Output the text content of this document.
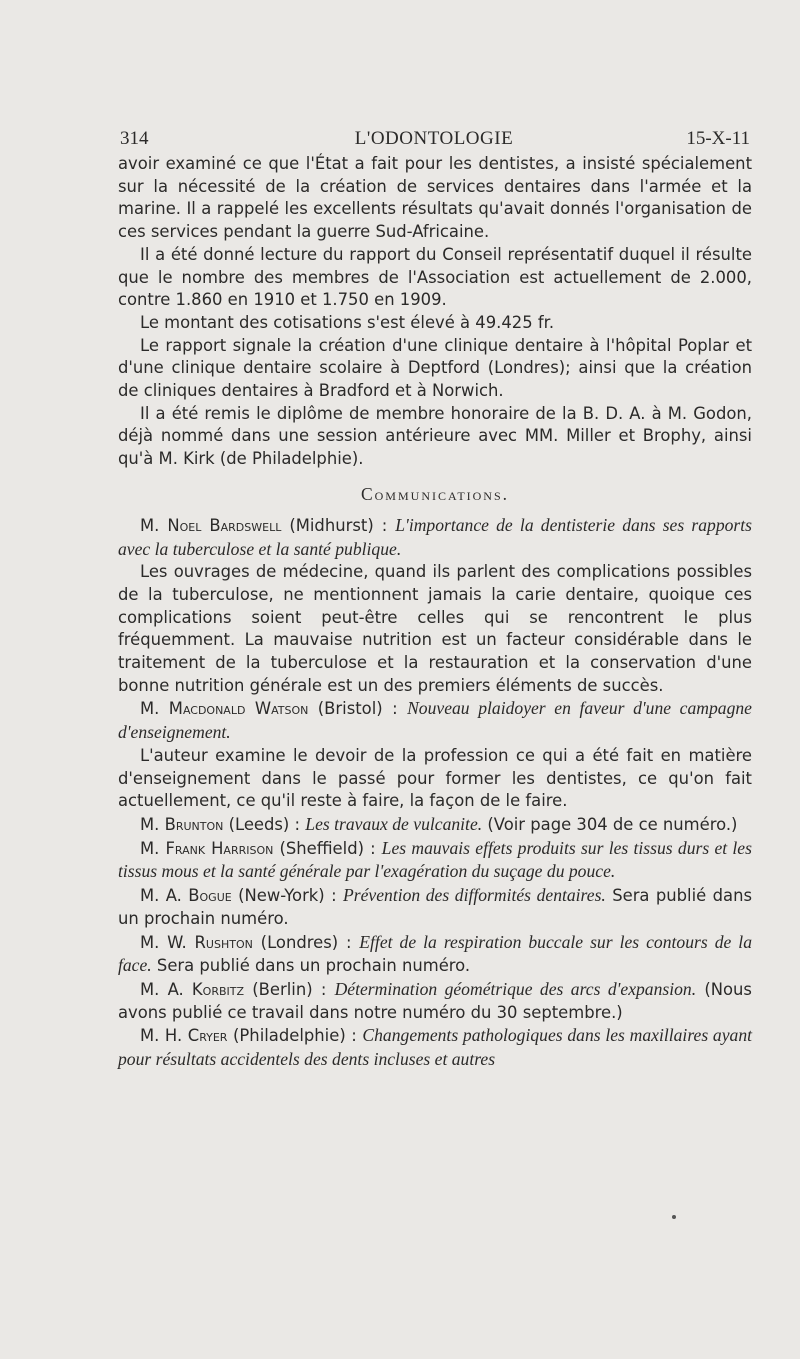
314	L'ODONTOLOGIE	15-X-11

avoir examiné ce que l'État a fait pour les dentistes, a insisté spécialement sur la nécessité de la création de services dentaires dans l'armée et la marine. Il a rappelé les excellents résultats qu'avait donnés l'organisation de ces services pendant la guerre Sud-Africaine.

Il a été donné lecture du rapport du Conseil représentatif duquel il résulte que le nombre des membres de l'Association est actuellement de 2.000, contre 1.860 en 1910 et 1.750 en 1909.

Le montant des cotisations s'est élevé à 49.425 fr.

Le rapport signale la création d'une clinique dentaire à l'hôpital Poplar et d'une clinique dentaire scolaire à Deptford (Londres); ainsi que la création de cliniques dentaires à Bradford et à Norwich.

Il a été remis le diplôme de membre honoraire de la B. D. A. à M. Godon, déjà nommé dans une session antérieure avec MM. Miller et Brophy, ainsi qu'à M. Kirk (de Philadelphie).

Communications.

M. Noel Bardswell (Midhurst) : L'importance de la dentisterie dans ses rapports avec la tuberculose et la santé publique.

Les ouvrages de médecine, quand ils parlent des complications possibles de la tuberculose, ne mentionnent jamais la carie dentaire, quoique ces complications soient peut-être celles qui se rencontrent le plus fréquemment. La mauvaise nutrition est un facteur considérable dans le traitement de la tuberculose et la restauration et la conservation d'une bonne nutrition générale est un des premiers éléments de succès.

M. Macdonald Watson (Bristol) : Nouveau plaidoyer en faveur d'une campagne d'enseignement.

L'auteur examine le devoir de la profession ce qui a été fait en matière d'enseignement dans le passé pour former les dentistes, ce qu'on fait actuellement, ce qu'il reste à faire, la façon de le faire.

M. Brunton (Leeds) : Les travaux de vulcanite. (Voir page 304 de ce numéro.)

M. Frank Harrison (Sheffield) : Les mauvais effets produits sur les tissus durs et les tissus mous et la santé générale par l'exagération du suçage du pouce.

M. A. Bogue (New-York) : Prévention des difformités dentaires. Sera publié dans un prochain numéro.

M. W. Rushton (Londres) : Effet de la respiration buccale sur les contours de la face. Sera publié dans un prochain numéro.

M. A. Korbitz (Berlin) : Détermination géométrique des arcs d'expansion. (Nous avons publié ce travail dans notre numéro du 30 septembre.)

M. H. Cryer (Philadelphie) : Changements pathologiques dans les maxillaires ayant pour résultats accidentels des dents incluses et autres
